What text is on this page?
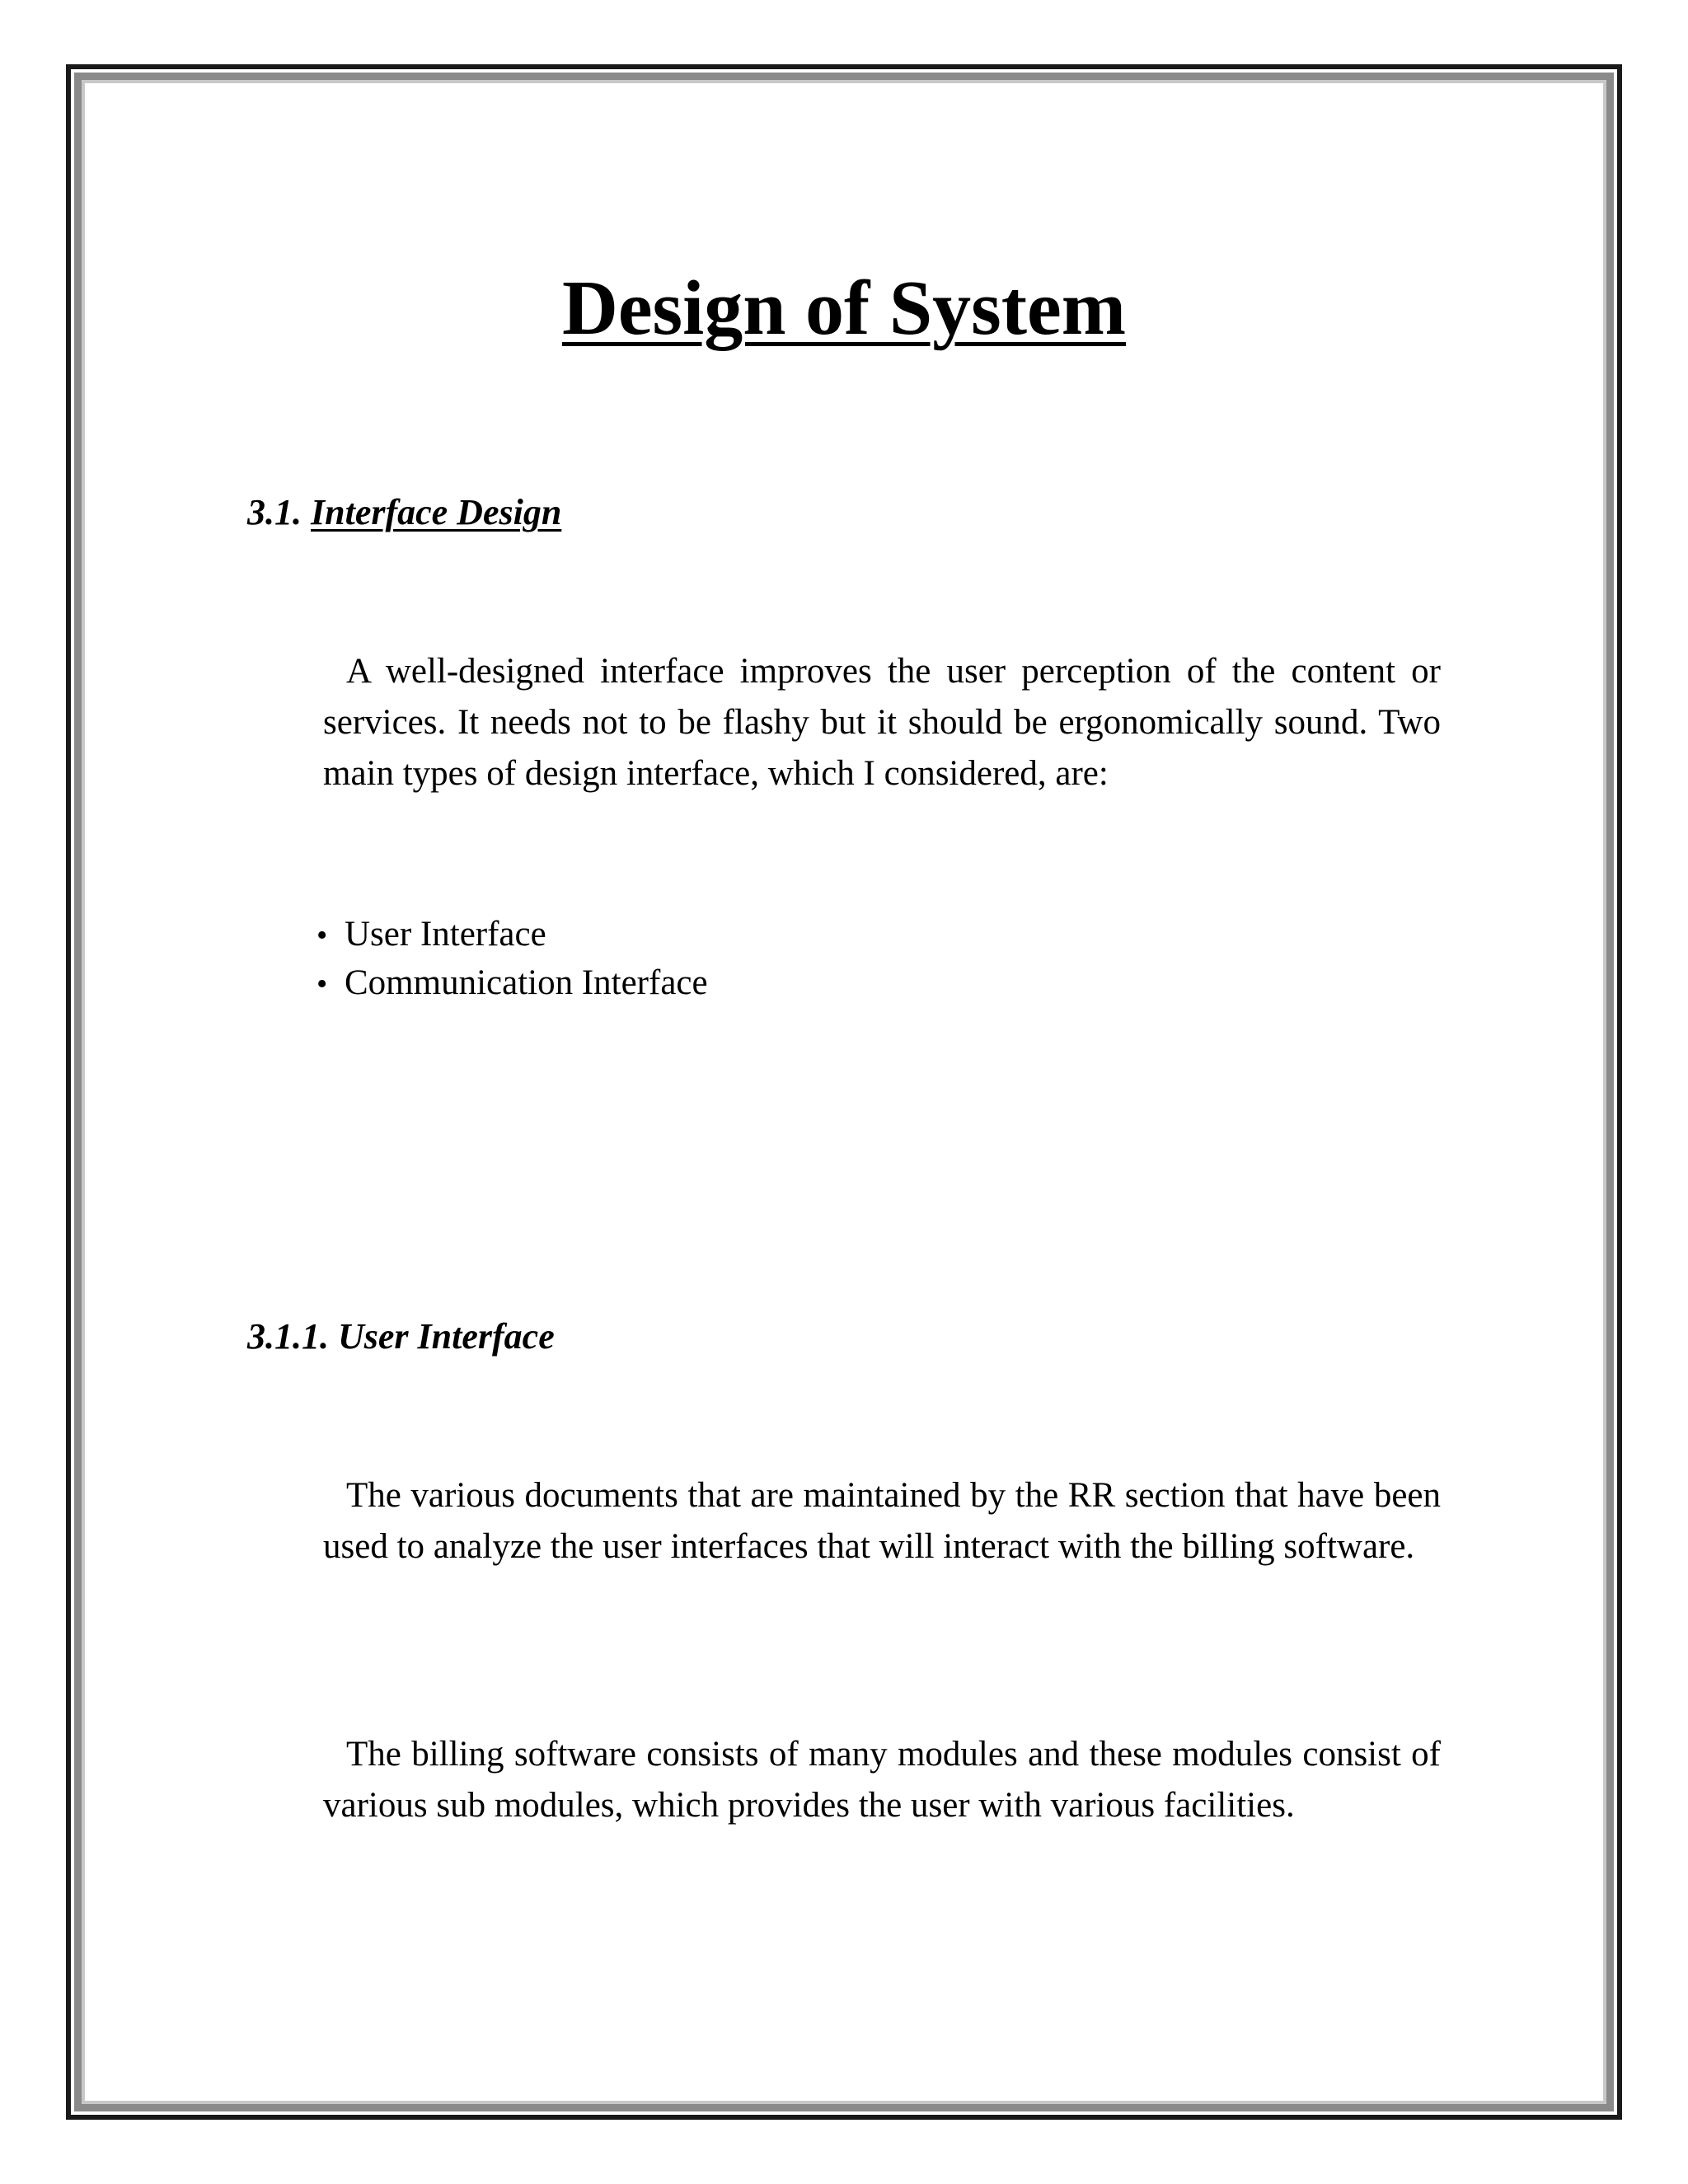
Design of System
3.1. Interface Design

A well-designed interface improves the user perception of the content or services. It needs not to be flashy but it should be ergonomically sound. Two main types of design interface, which I considered, are:

• User Interface
• Communication Interface
3.1.1. User Interface

The various documents that are maintained by the RR section that have been used to analyze the user interfaces that will interact with the billing software.

The billing software consists of many modules and these modules consist of various sub modules, which provides the user with various facilities.
